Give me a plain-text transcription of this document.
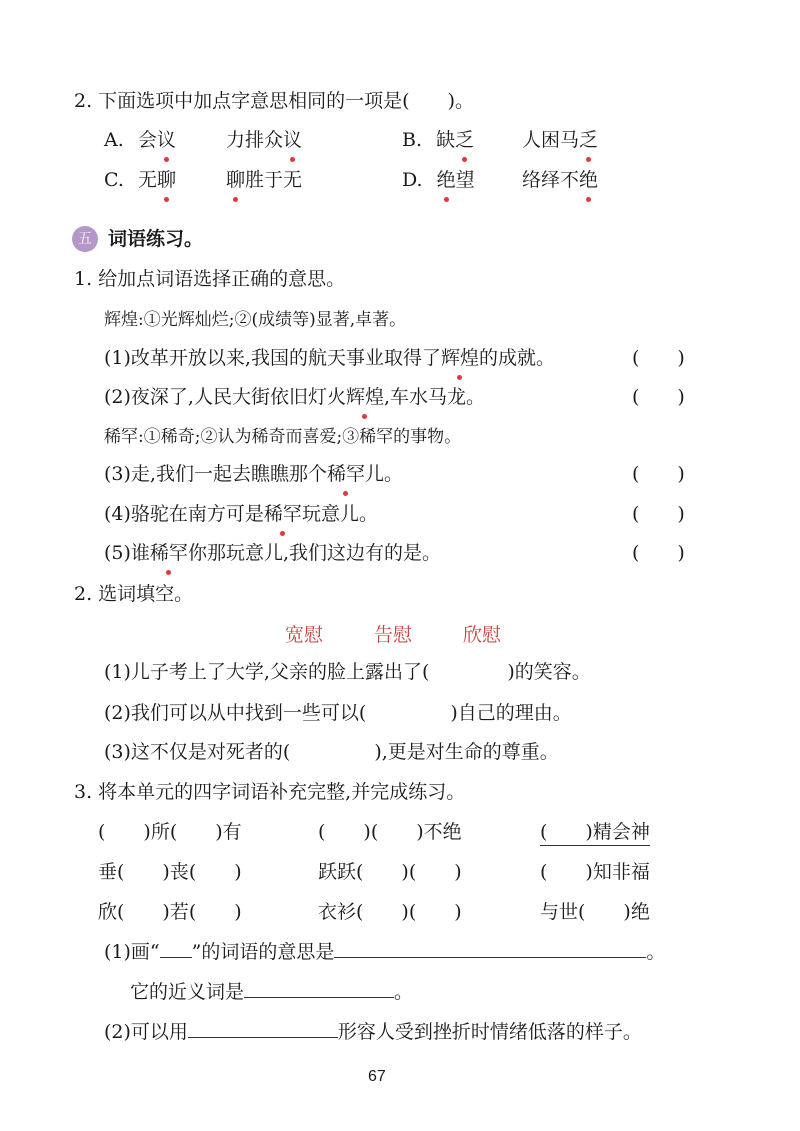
2. 下面选项中加点字意思相同的一项是(　　)。
A. 会议	力排众议	B. 缺乏	人困马乏
C. 无聊	聊胜于无	D. 绝望 络绎不绝
五 词语练习。
1. 给加点词语选择正确的意思。
辉煌:①光辉灿烂;②(成绩等)显著,卓著。
(1)改革开放以来,我国的航天事业取得了辉煌的成就。	(　　)
(2)夜深了,人民大街依旧灯火辉煌,车水马龙。	(　　)
稀罕:①稀奇;②认为稀奇而喜爱;③稀罕的事物。
(3)走,我们一起去瞧瞧那个稀罕儿。	(　　)
(4)骆驼在南方可是稀罕玩意儿。	(　　)
(5)谁稀罕你那玩意儿,我们这边有的是。	(　　)
2. 选词填空。
宽慰	告慰	欣慰
(1)儿子考上了大学,父亲的脸上露出了(	)的笑容。
(2)我们可以从中找到一些可以(	)自己的理由。
(3)这不仅是对死者的(	),更是对生命的尊重。
3. 将本单元的四字词语补充完整,并完成练习。
(　　)所(　　)有	(　　)(　　)不绝	(　　)精会神
垂(　　)丧(　　)	跃跃(　　)(　　)	(　　)知非福
欣(　　)若(　　)	衣衫(　　)(　　)	与世(　　)绝
(1)画“ ”的词语的意思是	。
它的近义词是	。
(2)可以用	形容人受到挫折时情绪低落的样子。
67
